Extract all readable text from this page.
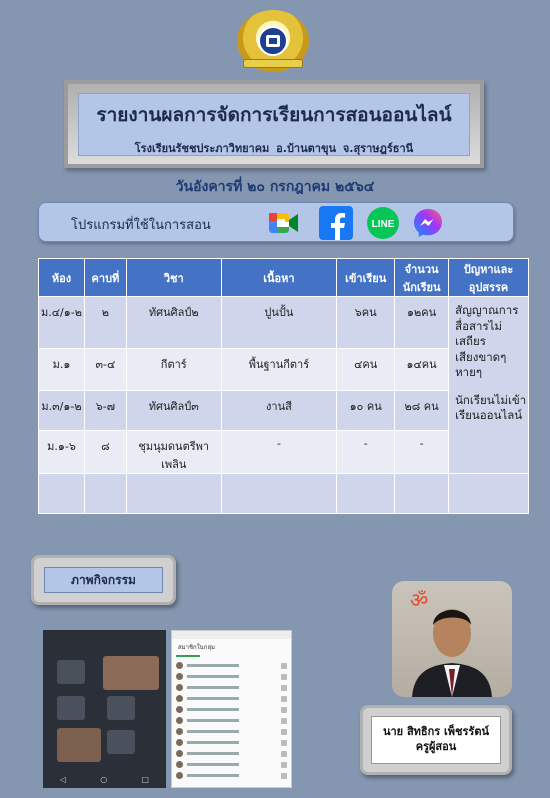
รายงานผลการจัดการเรียนการสอนออนไลน์
โรงเรียนรัชชประภาวิทยาคม อ.บ้านตาขุน จ.สุราษฎร์ธานี
วันอังคารที่ ๒๐ กรกฎาคม ๒๕๖๔
โปรแกรมที่ใช้ในการสอน	LINE
ห้อง	คาบที่	วิชา	เนื้อหา	เข้าเรียน	จำนวนนักเรียน	ปัญหาและอุปสรรค
ม.๔/๑-๒	๒	ทัศนศิลป์๒	ปูนปั้น	๖คน	๑๒คน	สัญญาณการสื่อสารไม่เสถียร
เสียงขาดๆหายๆ
นักเรียนไม่เข้าเรียนออนไลน์

ม.๑	๓-๔	กีตาร์	พื้นฐานกีตาร์	๔คน	๑๔คน	
ม.๓/๑-๒	๖-๗	ทัศนศิลป์๓	งานสี	๑๐ คน	๒๘ คน	
ม.๑-๖	๘	ชุมนุมดนตรีพาเพลิน	-	-	-	

ภาพกิจกรรม
◁	○	□
สมาชิกในกลุ่ม
ॐ
นาย สิทธิกร เพ็ชรรัตน์
ครูผู้สอน
